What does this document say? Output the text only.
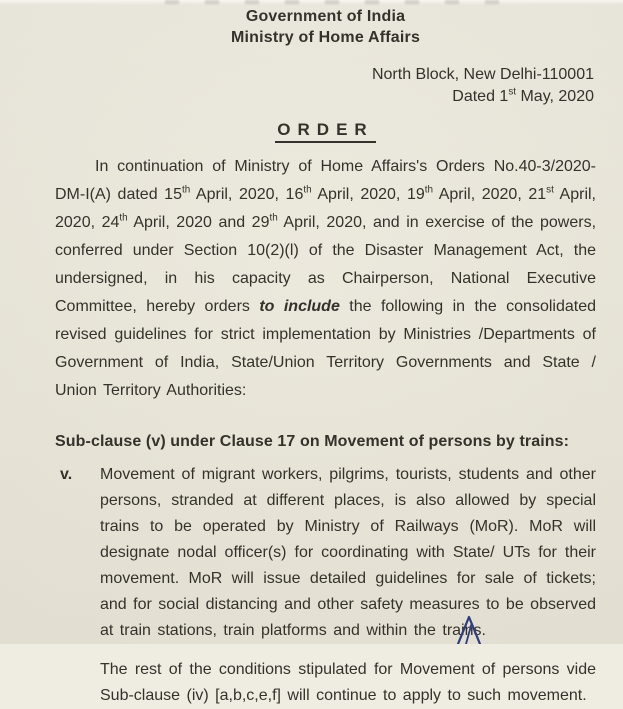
Government of India
Ministry of Home Affairs
North Block, New Delhi-110001
Dated 1st May, 2020
ORDER

In continuation of Ministry of Home Affairs's Orders No.40-3/2020-DM-I(A) dated 15th April, 2020, 16th April, 2020, 19th April, 2020, 21st April, 2020, 24th April, 2020 and 29th April, 2020, and in exercise of the powers, conferred under Section 10(2)(l) of the Disaster Management Act, the undersigned, in his capacity as Chairperson, National Executive Committee, hereby orders to include the following in the consolidated revised guidelines for strict implementation by Ministries /Departments of Government of India, State/Union Territory Governments and State / Union Territory Authorities:

Sub-clause (v) under Clause 17 on Movement of persons by trains:
v.	Movement of migrant workers, pilgrims, tourists, students and other persons, stranded at different places, is also allowed by special trains to be operated by Ministry of Railways (MoR). MoR will designate nodal officer(s) for coordinating with State/ UTs for their movement. MoR will issue detailed guidelines for sale of tickets; and for social distancing and other safety measures to be observed at train stations, train platforms and within the trains.

The rest of the conditions stipulated for Movement of persons vide Sub-clause (iv) [a,b,c,e,f] will continue to apply to such movement.
